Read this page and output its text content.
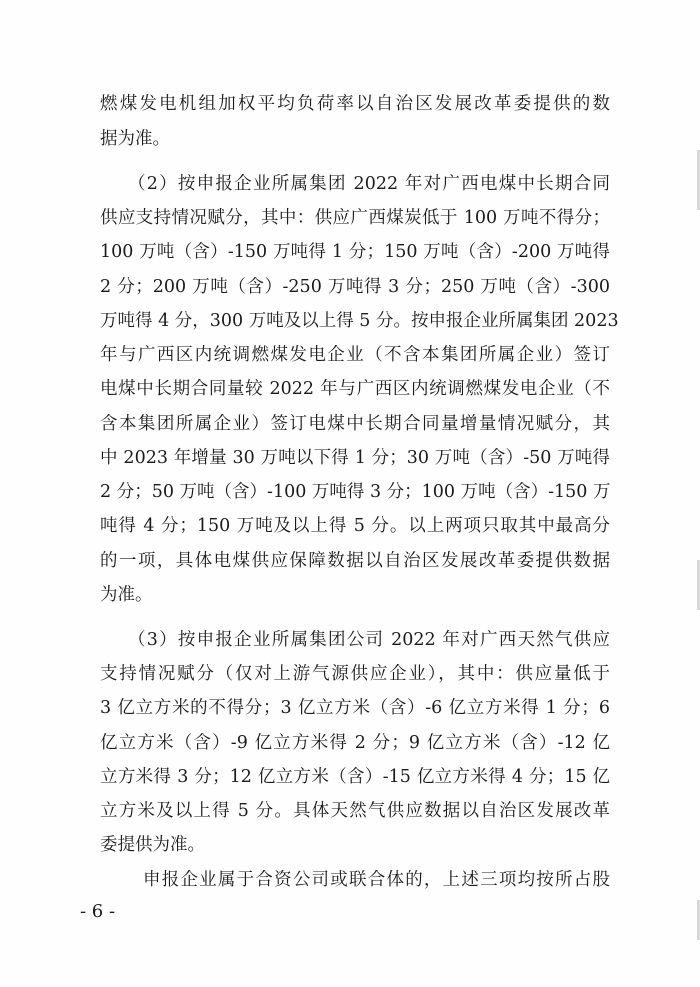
燃煤发电机组加权平均负荷率以自治区发展改革委提供的数
据为准。
（2）按申报企业所属集团 2022 年对广西电煤中长期合同
供应支持情况赋分，其中：供应广西煤炭低于 100 万吨不得分；
100 万吨（含）-150 万吨得 1 分；150 万吨（含）-200 万吨得
2 分；200 万吨（含）-250 万吨得 3 分；250 万吨（含）-300
万吨得 4 分，300 万吨及以上得 5 分。按申报企业所属集团 2023
年与广西区内统调燃煤发电企业（不含本集团所属企业）签订
电煤中长期合同量较 2022 年与广西区内统调燃煤发电企业（不
含本集团所属企业）签订电煤中长期合同量增量情况赋分，其
中 2023 年增量 30 万吨以下得 1 分；30 万吨（含）-50 万吨得
2 分；50 万吨（含）-100 万吨得 3 分；100 万吨（含）-150 万
吨得 4 分；150 万吨及以上得 5 分。以上两项只取其中最高分
的一项，具体电煤供应保障数据以自治区发展改革委提供数据
为准。
（3）按申报企业所属集团公司 2022 年对广西天然气供应
支持情况赋分（仅对上游气源供应企业），其中：供应量低于
3 亿立方米的不得分；3 亿立方米（含）-6 亿立方米得 1 分；6
亿立方米（含）-9 亿立方米得 2 分；9 亿立方米（含）-12 亿
立方米得 3 分；12 亿立方米（含）-15 亿立方米得 4 分；15 亿
立方米及以上得 5 分。具体天然气供应数据以自治区发展改革
委提供为准。
申报企业属于合资公司或联合体的，上述三项均按所占股
- 6 -
